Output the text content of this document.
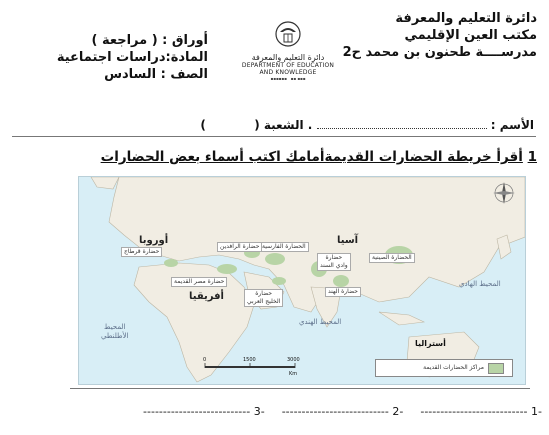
دائرة التعليم والمعرفة
مكتب العين الإقليمي
مدرســــة طحنون بن محمد ح2
دائرة التعليم والمعرفة
DEPARTMENT OF EDUCATION
AND KNOWLEDGE
▪▪▪▪▪▪   ▪▪ ▪▪▪
أوراق : ( مراجعة )
المادة:دراسات اجتماعية
الصف : السادس
الأسم :  . الشعبة (  )
1 أقرأ خريطة الحضارات القديمةأمامك اكتب أسماء بعض الحضارات
آسيا
أوروبا
أفريقيا
أستراليا
المحيط الهادي
المحيط الهندي
المحيط
الأطلنطي
الحضارة الصينية
الحضارة الفارسية
حضارة الرافدين
حضارة قرطاج
حضارة مصر القديمة
حضارة
وادي السند
حضارة الهند
حضارة
الخليج العربي
0	1500	3000
Km
مراكز الحضارات القديمة
-1 ---------------------------  -2 ---------------------------  -3 ---------------------------
